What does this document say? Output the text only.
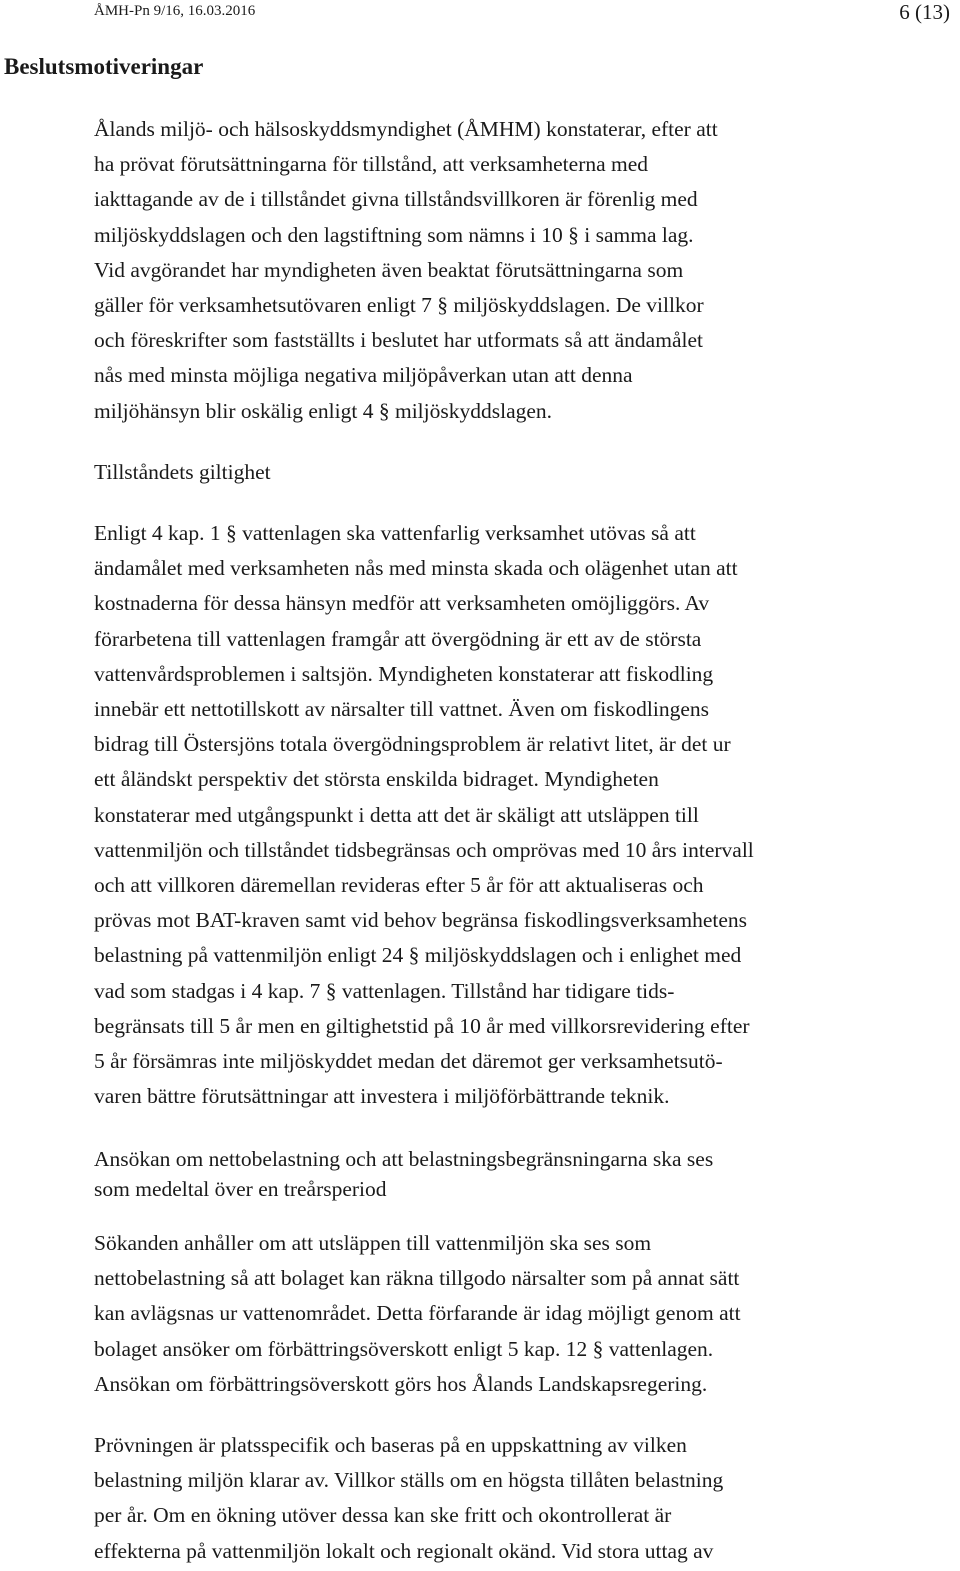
ÅMH-Pn 9/16, 16.03.2016	6 (13)
Beslutsmotiveringar

Ålands miljö- och hälsoskyddsmyndighet (ÅMHM) konstaterar, efter att
ha prövat förutsättningarna för tillstånd, att verksamheterna med
iakttagande av de i tillståndet givna tillståndsvillkoren är förenlig med
miljöskyddslagen och den lagstiftning som nämns i 10 § i samma lag.
Vid avgörandet har myndigheten även beaktat förutsättningarna som
gäller för verksamhetsutövaren enligt 7 § miljöskyddslagen. De villkor
och föreskrifter som fastställts i beslutet har utformats så att ändamålet
nås med minsta möjliga negativa miljöpåverkan utan att denna
miljöhänsyn blir oskälig enligt 4 § miljöskyddslagen.

Tillståndets giltighet

Enligt 4 kap. 1 § vattenlagen ska vattenfarlig verksamhet utövas så att
ändamålet med verksamheten nås med minsta skada och olägenhet utan att
kostnaderna för dessa hänsyn medför att verksamheten omöjliggörs. Av
förarbetena till vattenlagen framgår att övergödning är ett av de största
vattenvårdsproblemen i saltsjön. Myndigheten konstaterar att fiskodling
innebär ett nettotillskott av närsalter till vattnet. Även om fiskodlingens
bidrag till Östersjöns totala övergödningsproblem är relativt litet, är det ur
ett åländskt perspektiv det största enskilda bidraget. Myndigheten
konstaterar med utgångspunkt i detta att det är skäligt att utsläppen till
vattenmiljön och tillståndet tidsbegränsas och omprövas med 10 års intervall
och att villkoren däremellan revideras efter 5 år för att aktualiseras och
prövas mot BAT-kraven samt vid behov begränsa fiskodlingsverksamhetens
belastning på vattenmiljön enligt 24 § miljöskyddslagen och i enlighet med
vad som stadgas i 4 kap. 7 § vattenlagen. Tillstånd har tidigare tids-
begränsats till 5 år men en giltighetstid på 10 år med villkorsrevidering efter
5 år försämras inte miljöskyddet medan det däremot ger verksamhetsutö-
varen bättre förutsättningar att investera i miljöförbättrande teknik.

Ansökan om nettobelastning och att belastningsbegränsningarna ska ses
som medeltal över en treårsperiod

Sökanden anhåller om att utsläppen till vattenmiljön ska ses som
nettobelastning så att bolaget kan räkna tillgodo närsalter som på annat sätt
kan avlägsnas ur vattenområdet. Detta förfarande är idag möjligt genom att
bolaget ansöker om förbättringsöverskott enligt 5 kap. 12 § vattenlagen.
Ansökan om förbättringsöverskott görs hos Ålands Landskapsregering.

Prövningen är platsspecifik och baseras på en uppskattning av vilken
belastning miljön klarar av. Villkor ställs om en högsta tillåten belastning
per år. Om en ökning utöver dessa kan ske fritt och okontrollerat är
effekterna på vattenmiljön lokalt och regionalt okänd. Vid stora uttag av
